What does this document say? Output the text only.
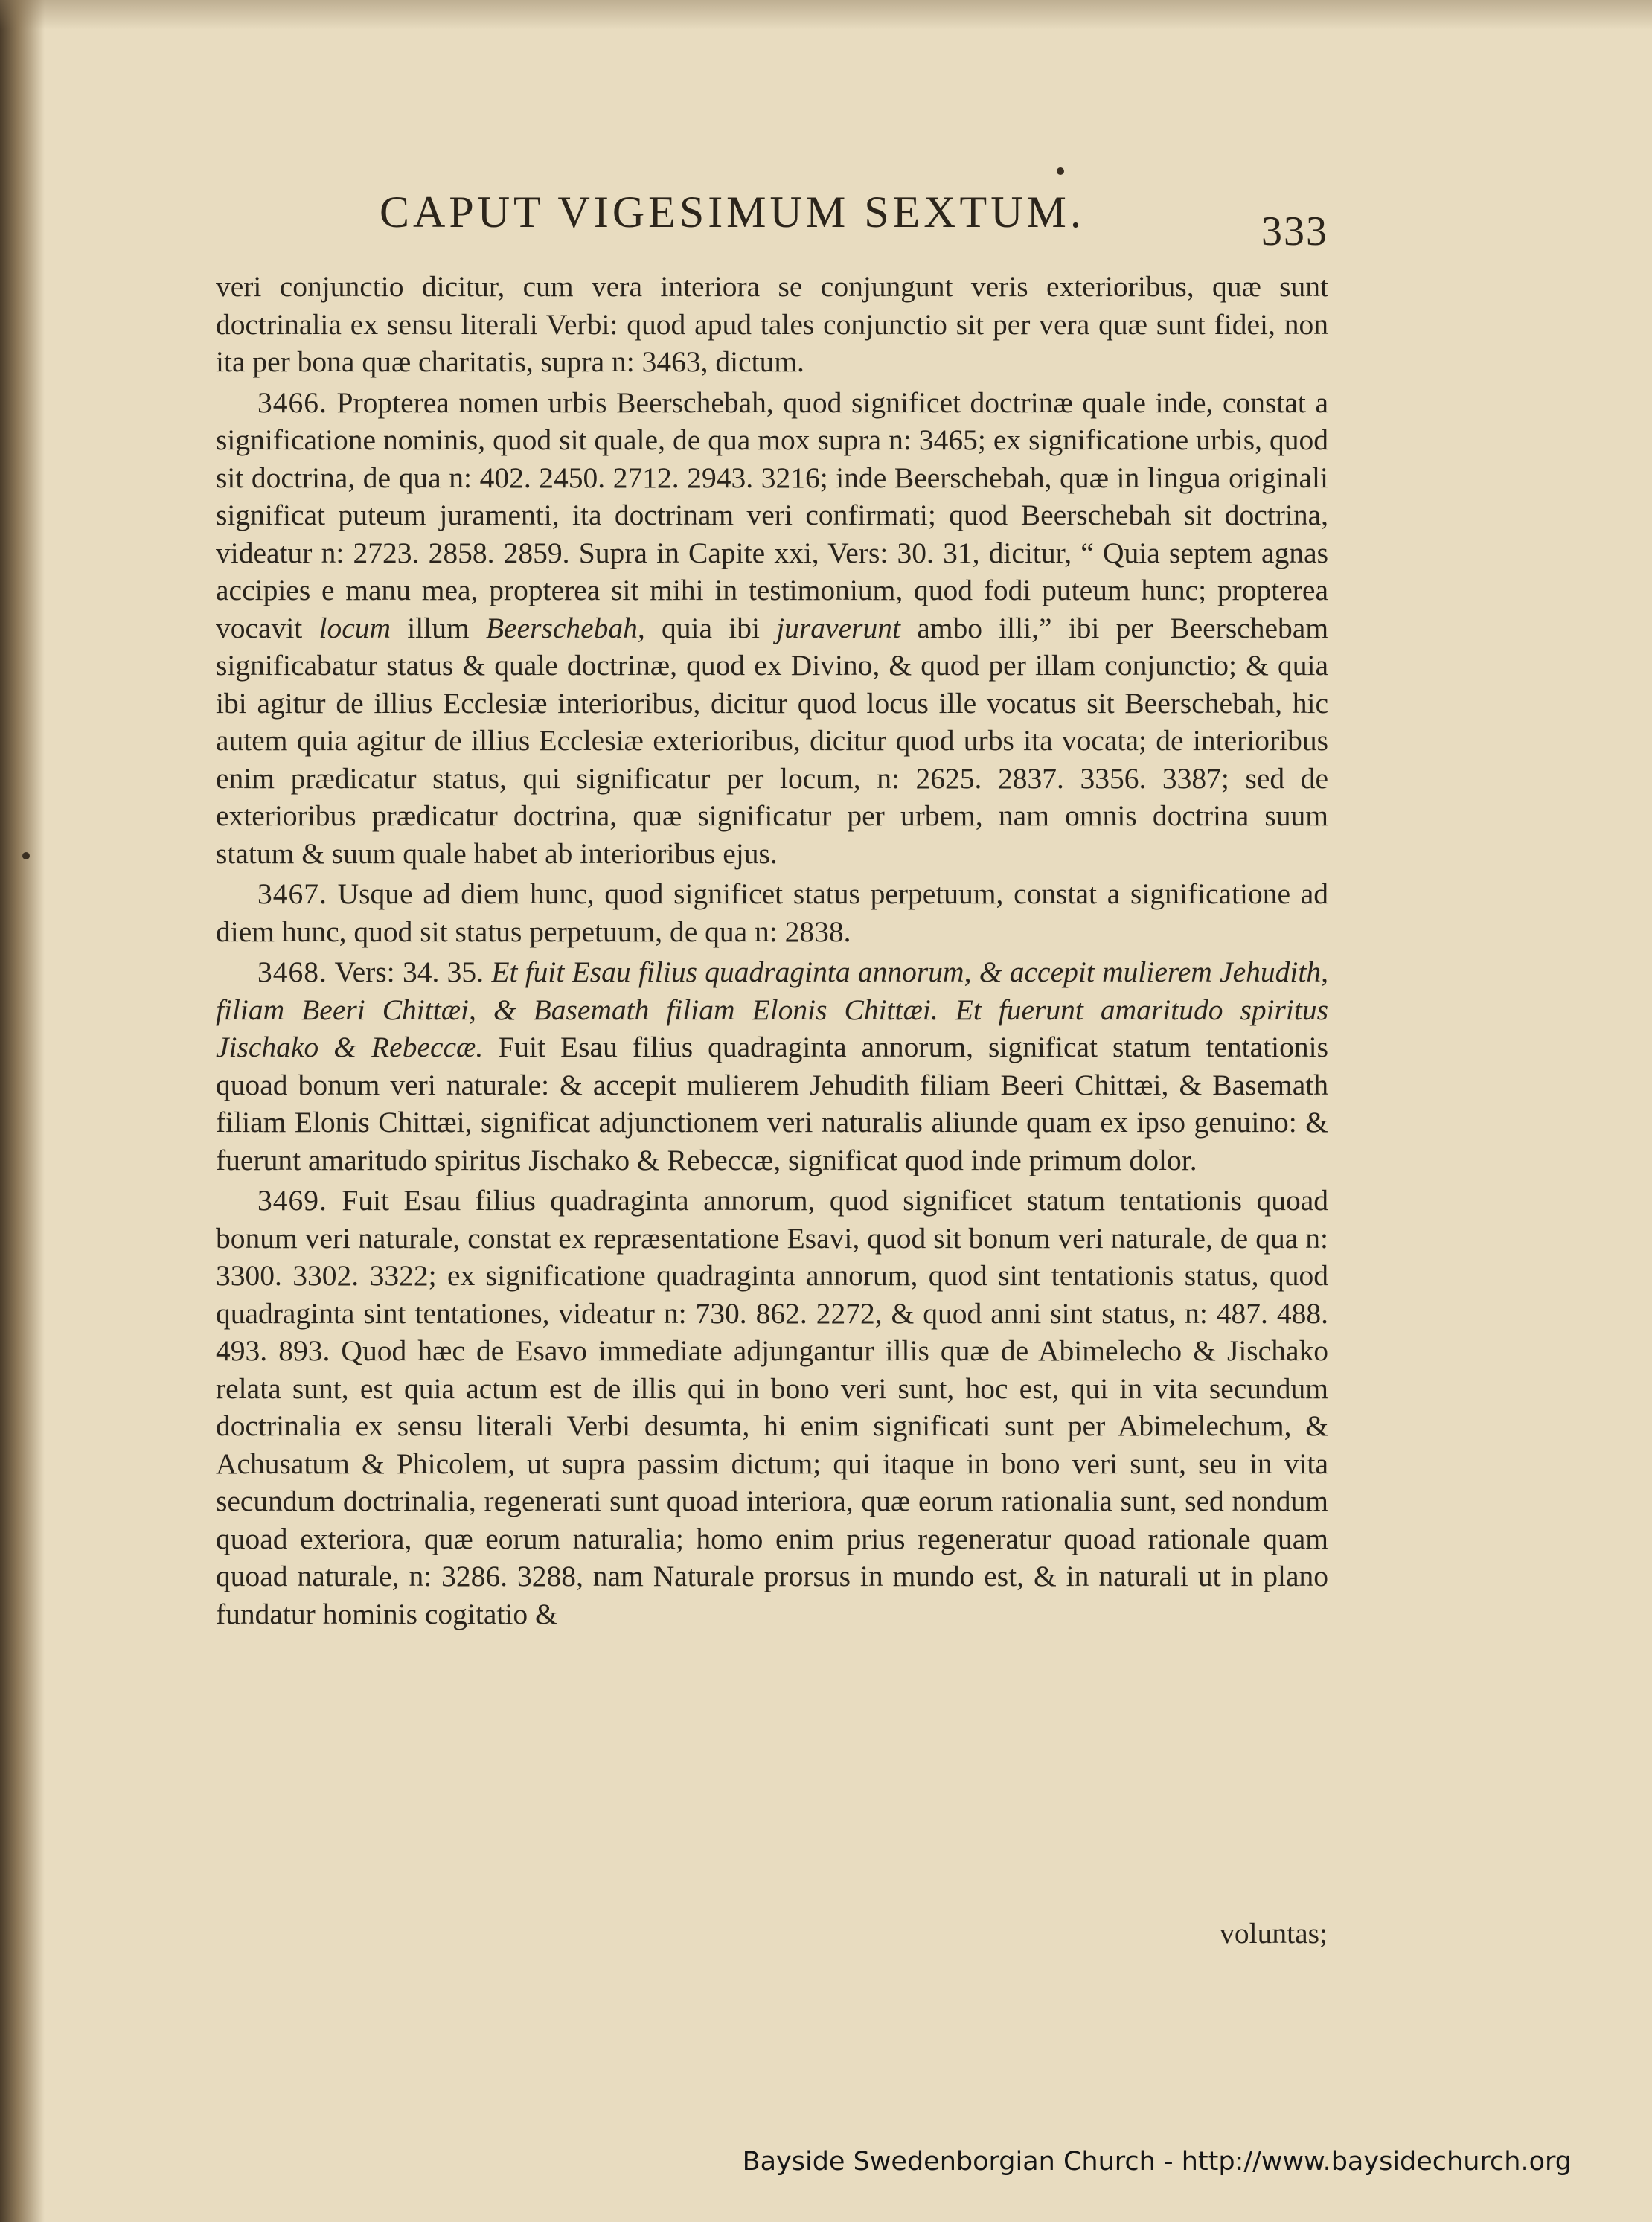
CAPUT VIGESIMUM SEXTUM.	333

veri conjunctio dicitur, cum vera interiora se conjungunt veris exterioribus, quæ sunt doctrinalia ex sensu literali Verbi: quod apud tales conjunctio sit per vera quæ sunt fidei, non ita per bona quæ charitatis, supra n: 3463, dictum.

3466. Propterea nomen urbis Beerschebah, quod significet doctrinæ quale inde, constat a significatione nominis, quod sit quale, de qua mox supra n: 3465; ex significatione urbis, quod sit doctrina, de qua n: 402. 2450. 2712. 2943. 3216; inde Beerschebah, quæ in lingua originali significat puteum juramenti, ita doctrinam veri confirmati; quod Beerschebah sit doctrina, videatur n: 2723. 2858. 2859. Supra in Capite xxi, Vers: 30. 31, dicitur, “ Quia septem agnas accipies e manu mea, propterea sit mihi in testimonium, quod fodi puteum hunc; propterea vocavit locum illum Beerschebah, quia ibi juraverunt ambo illi,” ibi per Beerschebam significabatur status & quale doctrinæ, quod ex Divino, & quod per illam conjunctio; & quia ibi agitur de illius Ecclesiæ interioribus, dicitur quod locus ille vocatus sit Beerschebah, hic autem quia agitur de illius Ecclesiæ exterioribus, dicitur quod urbs ita vocata; de interioribus enim prædicatur status, qui significatur per locum, n: 2625. 2837. 3356. 3387; sed de exterioribus prædicatur doctrina, quæ significatur per urbem, nam omnis doctrina suum statum & suum quale habet ab interioribus ejus.

3467. Usque ad diem hunc, quod significet status perpetuum, constat a significatione ad diem hunc, quod sit status perpetuum, de qua n: 2838.

3468. Vers: 34. 35. Et fuit Esau filius quadraginta annorum, & accepit mulierem Jehudith, filiam Beeri Chittæi, & Basemath filiam Elonis Chittæi. Et fuerunt amaritudo spiritus Jischako & Rebeccæ. Fuit Esau filius quadraginta annorum, significat statum tentationis quoad bonum veri naturale: & accepit mulierem Jehudith filiam Beeri Chittæi, & Basemath filiam Elonis Chittæi, significat adjunctionem veri naturalis aliunde quam ex ipso genuino: & fuerunt amaritudo spiritus Jischako & Rebeccæ, significat quod inde primum dolor.

3469. Fuit Esau filius quadraginta annorum, quod significet statum tentationis quoad bonum veri naturale, constat ex repræsentatione Esavi, quod sit bonum veri naturale, de qua n: 3300. 3302. 3322; ex significatione quadraginta annorum, quod sint tentationis status, quod quadraginta sint tentationes, videatur n: 730. 862. 2272, & quod anni sint status, n: 487. 488. 493. 893. Quod hæc de Esavo immediate adjungantur illis quæ de Abimelecho & Jischako relata sunt, est quia actum est de illis qui in bono veri sunt, hoc est, qui in vita secundum doctrinalia ex sensu literali Verbi desumta, hi enim significati sunt per Abimelechum, & Achusatum & Phicolem, ut supra passim dictum; qui itaque in bono veri sunt, seu in vita secundum doctrinalia, regenerati sunt quoad interiora, quæ eorum rationalia sunt, sed nondum quoad exteriora, quæ eorum naturalia; homo enim prius regeneratur quoad rationale quam quoad naturale, n: 3286. 3288, nam Naturale prorsus in mundo est, & in naturali ut in plano fundatur hominis cogitatio &

voluntas;
Bayside Swedenborgian Church - http://www.baysidechurch.org
